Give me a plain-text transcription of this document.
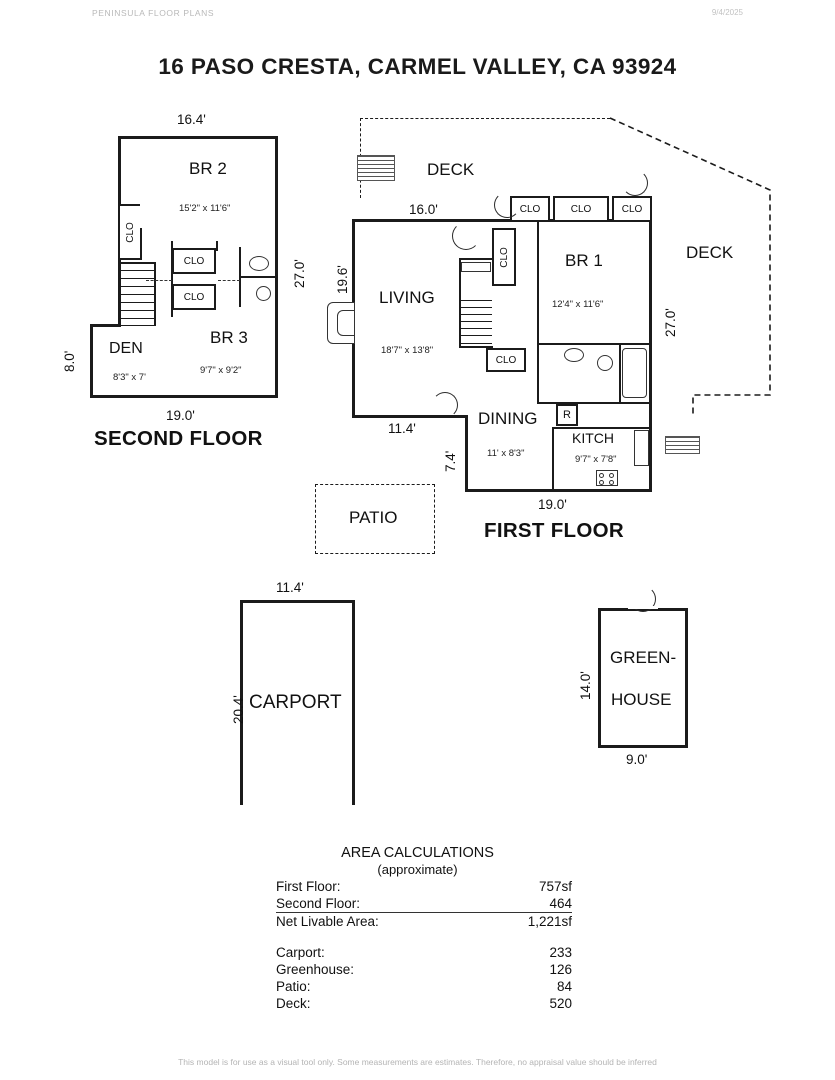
PENINSULA FLOOR PLANS	9/4/2025
16 PASO CRESTA, CARMEL VALLEY, CA 93924
16.4'
19.0'
27.0'
8.0'
BR 2
15'2" x 11'6"
BR 3
9'7" x 9'2"
DEN
8'3" x 7'
CLO
CLO
CLO
SECOND FLOOR
DECK
DECK
16.0'
19.6'
11.4'
7.4'
27.0'
19.0'
LIVING
18'7" x 13'8"
BR 1
12'4" x 11'6"
CLO	CLO	CLO
CLO
CLO
DINING
11' x 8'3"
KITCH
9'7" x 7'8"
R
FIRST FLOOR
PATIO
11.4'
20.4' CARPORT
GREEN-
HOUSE
14.0'
9.0'
AREA CALCULATIONS
(approximate)
First Floor:	757sf
Second Floor:	464
Net Livable Area:	1,221sf
Carport:	233
Greenhouse:	126
Patio:	84
Deck:	520
This model is for use as a visual tool only. Some measurements are estimates. Therefore, no appraisal value should be inferred
